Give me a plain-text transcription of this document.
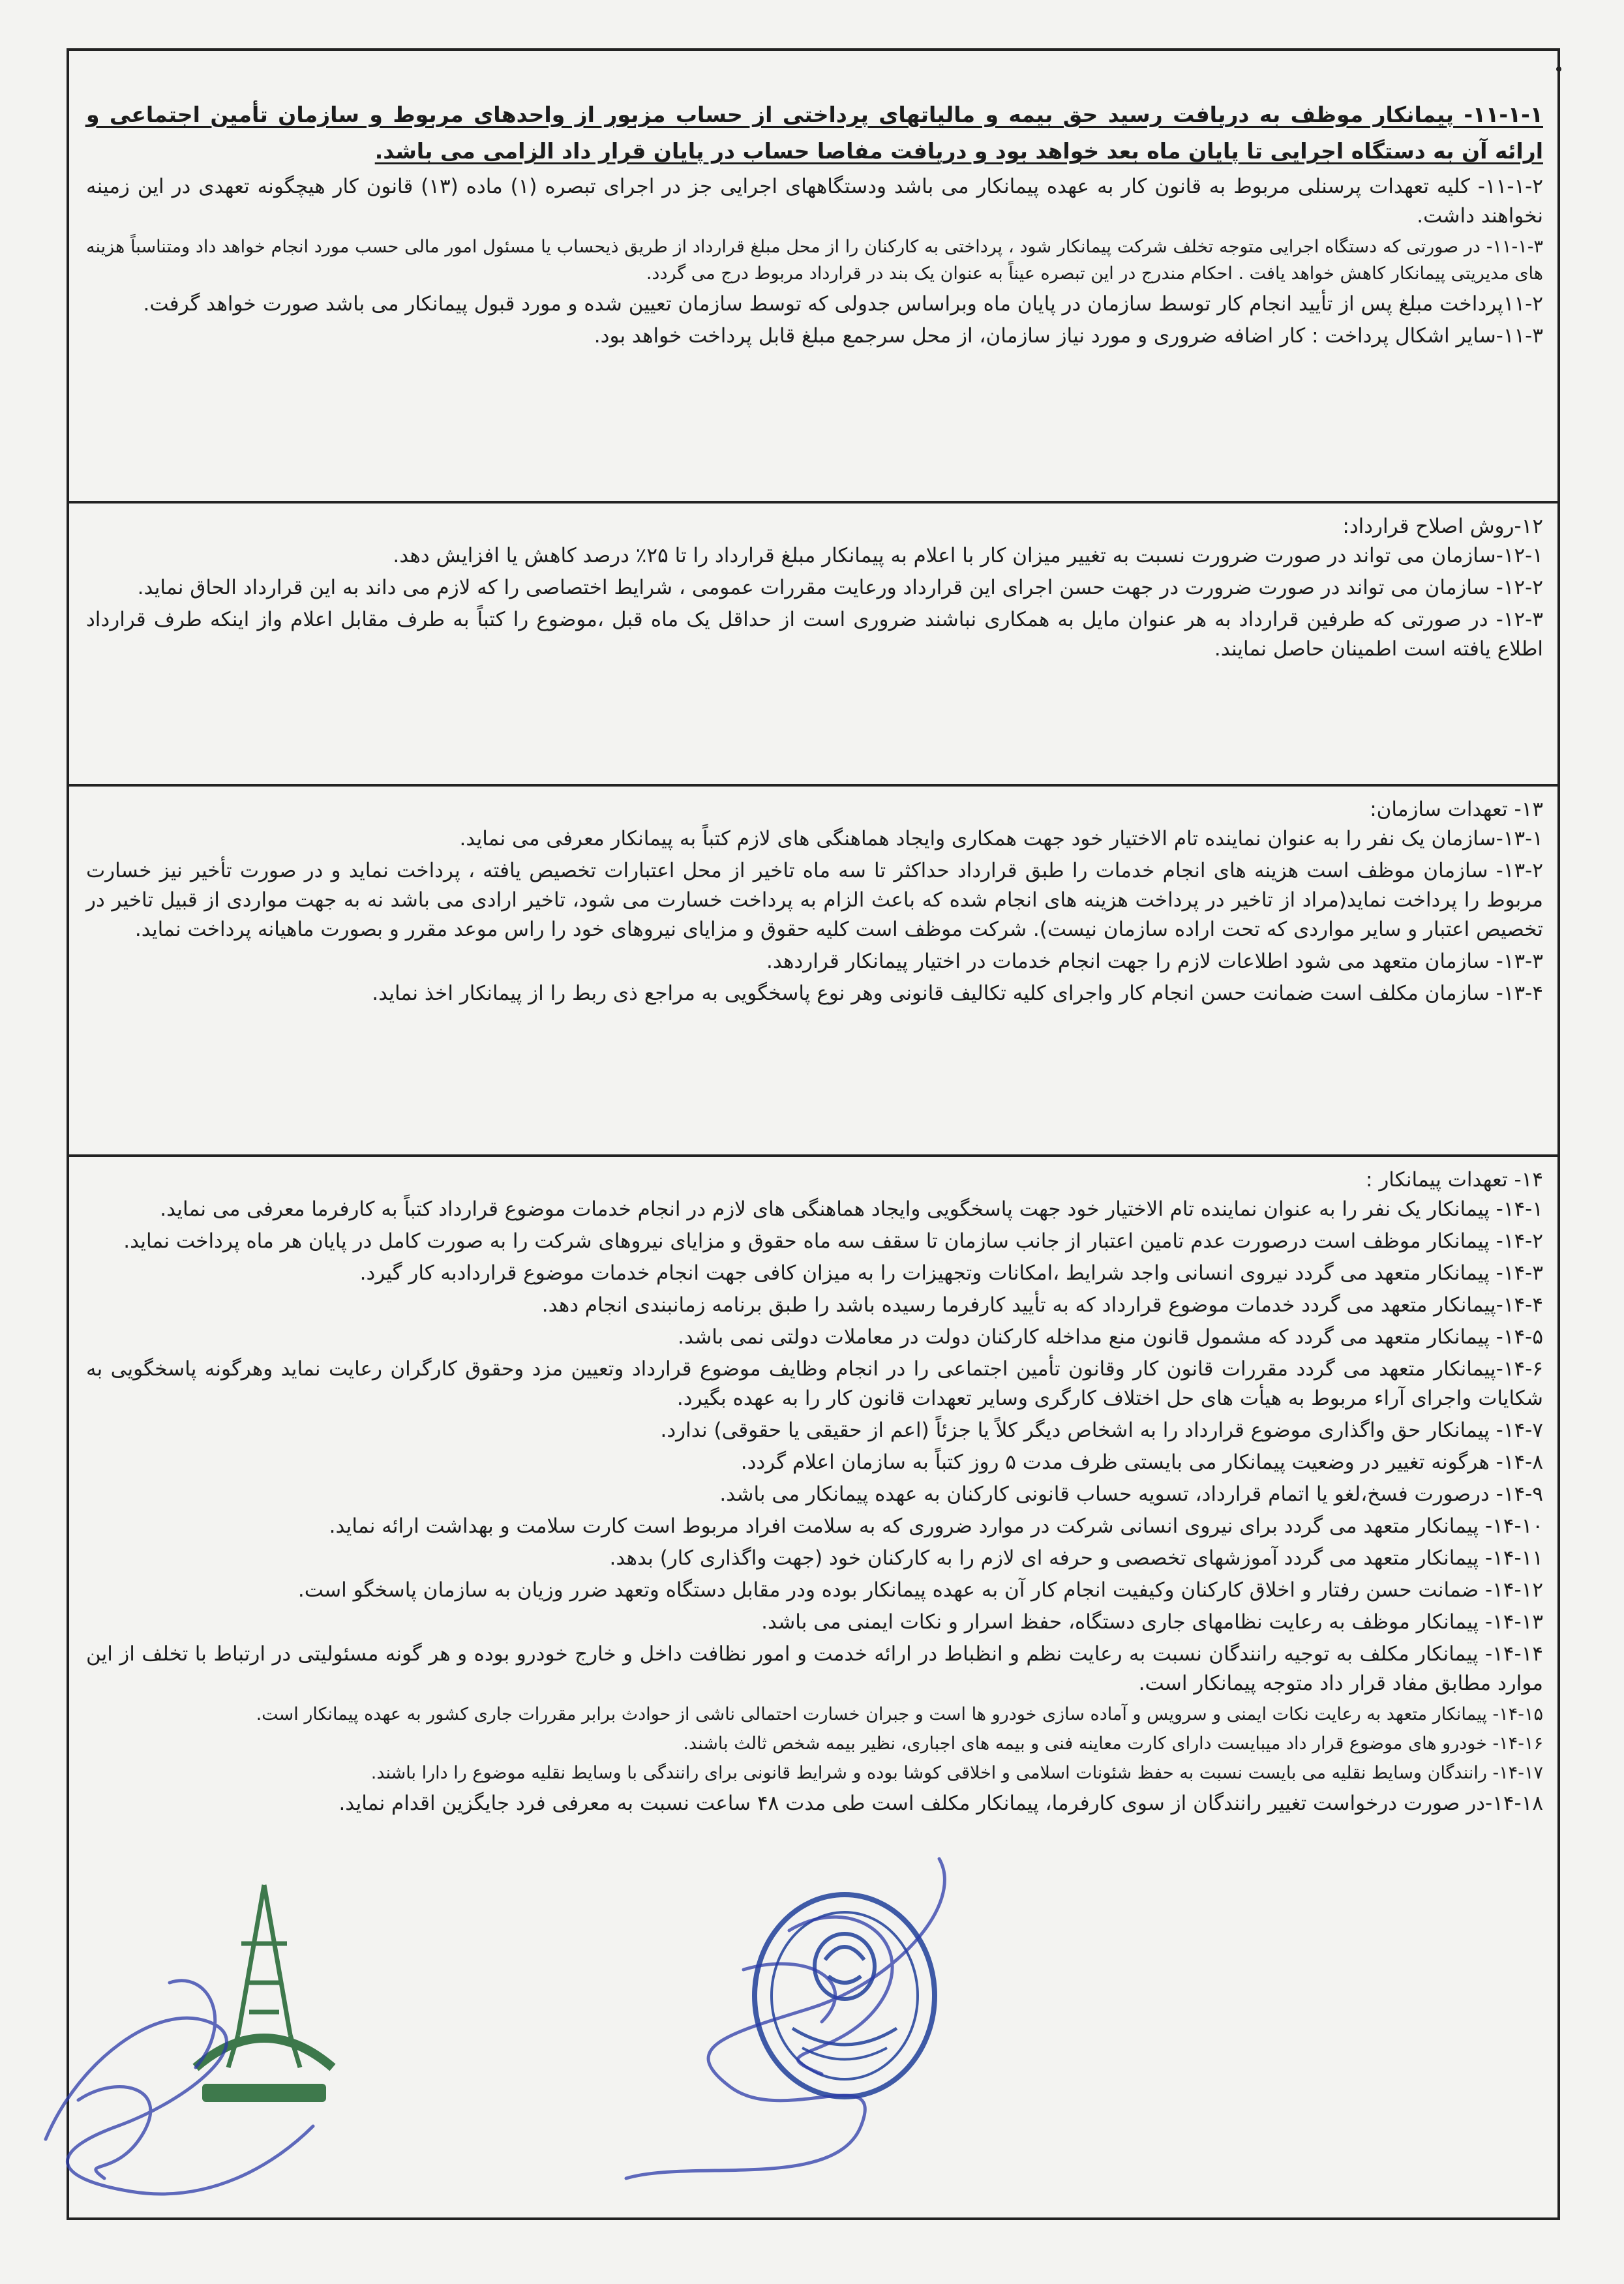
۱۱-۱-۱- پیمانکار موظف به دریافت رسید حق بیمه و مالیاتهای پرداختی از حساب مزبور از واحدهای مربوط و سازمان تأمین اجتماعی و ارائه آن به دستگاه اجرایی تا پایان ماه بعد خواهد بود و دریافت مفاصا حساب در پایان قرار داد الزامی می باشد.

۱۱-۱-۲- کلیه تعهدات پرسنلی مربوط به قانون کار به عهده پیمانکار می باشد ودستگاههای اجرایی جز در اجرای تبصره (۱) ماده (۱۳) قانون کار هیچگونه تعهدی در این زمینه نخواهند داشت.

۱۱-۱-۳- در صورتی که دستگاه اجرایی متوجه تخلف شرکت پیمانکار شود ، پرداختی به کارکنان را از محل مبلغ قرارداد از طریق ذیحساب یا مسئول امور مالی حسب مورد انجام خواهد داد ومتناسباً هزینه های مدیریتی پیمانکار کاهش خواهد یافت . احکام مندرج در این تبصره عیناً به عنوان یک بند در قرارداد مربوط درج می گردد.

۱۱-۲پرداخت مبلغ پس از تأیید انجام کار توسط سازمان در پایان ماه وبراساس جدولی که توسط سازمان تعیین شده و مورد قبول پیمانکار می باشد صورت خواهد گرفت.

۱۱-۳-سایر اشکال پرداخت : کار اضافه ضروری و مورد نیاز سازمان، از محل سرجمع مبلغ قابل پرداخت خواهد بود.

۱۲-روش اصلاح قرارداد:

۱۲-۱-سازمان می تواند در صورت ضرورت نسبت به تغییر میزان کار با اعلام به پیمانکار مبلغ قرارداد را تا ۲۵٪ درصد کاهش یا افزایش دهد.

۱۲-۲- سازمان می تواند در صورت ضرورت در جهت حسن اجرای این قرارداد ورعایت مقررات عمومی ، شرایط اختصاصی را که لازم می داند به این قرارداد الحاق نماید.

۱۲-۳- در صورتی که طرفین قرارداد به هر عنوان مایل به همکاری نباشند ضروری است از حداقل یک ماه قبل ،موضوع را کتباً به طرف مقابل اعلام واز اینکه طرف قرارداد اطلاع یافته است اطمینان حاصل نمایند.

۱۳- تعهدات سازمان:

۱۳-۱-سازمان یک نفر را به عنوان نماینده تام الاختیار خود جهت همکاری وایجاد هماهنگی های لازم کتباً به پیمانکار معرفی می نماید.

۱۳-۲- سازمان موظف است هزینه های انجام خدمات را طبق قرارداد حداکثر تا سه ماه تاخیر از محل اعتبارات تخصیص یافته ، پرداخت نماید و در صورت تأخیر نیز خسارت مربوط را پرداخت نماید(مراد از تاخیر در پرداخت هزینه های انجام شده که باعث الزام به پرداخت خسارت می شود، تاخیر ارادی می باشد نه به جهت مواردی از قبیل تاخیر در تخصیص اعتبار و سایر مواردی که تحت اراده سازمان نیست). شرکت موظف است کلیه حقوق و مزایای نیروهای خود را راس موعد مقرر و بصورت ماهیانه پرداخت نماید.

۱۳-۳- سازمان متعهد می شود اطلاعات لازم را جهت انجام خدمات در اختیار پیمانکار قراردهد.

۱۳-۴- سازمان مکلف است ضمانت حسن انجام کار واجرای کلیه تکالیف قانونی وهر نوع پاسخگویی به مراجع ذی ربط را از پیمانکار اخذ نماید.

۱۴- تعهدات پیمانکار :

۱۴-۱- پیمانکار یک نفر را به عنوان نماینده تام الاختیار خود جهت پاسخگویی وایجاد هماهنگی های لازم در انجام خدمات موضوع قرارداد کتباً به کارفرما معرفی می نماید.

۱۴-۲- پیمانکار موظف است درصورت عدم تامین اعتبار از جانب سازمان تا سقف سه ماه حقوق و مزایای نیروهای شرکت را به صورت کامل در پایان هر ماه پرداخت نماید.

۱۴-۳- پیمانکار متعهد می گردد نیروی انسانی واجد شرایط ،امکانات وتجهیزات را به میزان کافی جهت انجام خدمات موضوع قراردادبه کار گیرد.

۱۴-۴-پیمانکار متعهد می گردد خدمات موضوع قرارداد که به تأیید کارفرما رسیده باشد را طبق برنامه زمانبندی انجام دهد.

۱۴-۵- پیمانکار متعهد می گردد که مشمول قانون منع مداخله کارکنان دولت در معاملات دولتی نمی باشد.

۱۴-۶-پیمانکار متعهد می گردد مقررات قانون کار وقانون تأمین اجتماعی را در انجام وظایف موضوع قرارداد وتعیین مزد وحقوق کارگران رعایت نماید وهرگونه پاسخگویی به شکایات واجرای آراء مربوط به هیأت های حل اختلاف کارگری وسایر تعهدات قانون کار را به عهده بگیرد.

۱۴-۷- پیمانکار حق واگذاری موضوع قرارداد را به اشخاص دیگر کلاً یا جزئاً (اعم از حقیقی یا حقوقی) ندارد.

۱۴-۸- هرگونه تغییر در وضعیت پیمانکار می بایستی ظرف مدت ۵ روز کتباً به سازمان اعلام گردد.

۱۴-۹- درصورت فسخ،لغو یا اتمام قرارداد، تسویه حساب قانونی کارکنان به عهده پیمانکار می باشد.

۱۴-۱۰- پیمانکار متعهد می گردد برای نیروی انسانی شرکت در موارد ضروری که به سلامت افراد مربوط است کارت سلامت و بهداشت ارائه نماید.

۱۴-۱۱- پیمانکار متعهد می گردد آموزشهای تخصصی و حرفه ای لازم را به کارکنان خود (جهت واگذاری کار) بدهد.

۱۴-۱۲- ضمانت حسن رفتار و اخلاق کارکنان وکیفیت انجام کار آن به عهده پیمانکار بوده ودر مقابل دستگاه وتعهد ضرر وزیان به سازمان پاسخگو است.

۱۴-۱۳- پیمانکار موظف به رعایت نظامهای جاری دستگاه، حفظ اسرار و نکات ایمنی می باشد.

۱۴-۱۴- پیمانکار مکلف به توجیه رانندگان نسبت به رعایت نظم و انظباط در ارائه خدمت و امور نظافت داخل و خارج خودرو بوده و هر گونه مسئولیتی در ارتباط با تخلف از این موارد مطابق مفاد قرار داد متوجه پیمانکار است.

۱۴-۱۵- پیمانکار متعهد به رعایت نکات ایمنی و سرویس و آماده سازی خودرو ها است و جبران خسارت احتمالی ناشی از حوادث برابر مقررات جاری کشور به عهده پیمانکار است.

۱۴-۱۶- خودرو های موضوع قرار داد میبایست دارای کارت معاینه فنی و بیمه های اجباری، نظیر بیمه شخص ثالث باشند.

۱۴-۱۷- رانندگان وسایط نقلیه می بایست نسبت به حفظ شئونات اسلامی و اخلاقی کوشا بوده و شرایط قانونی برای رانندگی با وسایط نقلیه موضوع را دارا باشند.

۱۴-۱۸-در صورت درخواست تغییر رانندگان از سوی کارفرما، پیمانکار مکلف است طی مدت ۴۸ ساعت نسبت به معرفی فرد جایگزین اقدام نماید.
